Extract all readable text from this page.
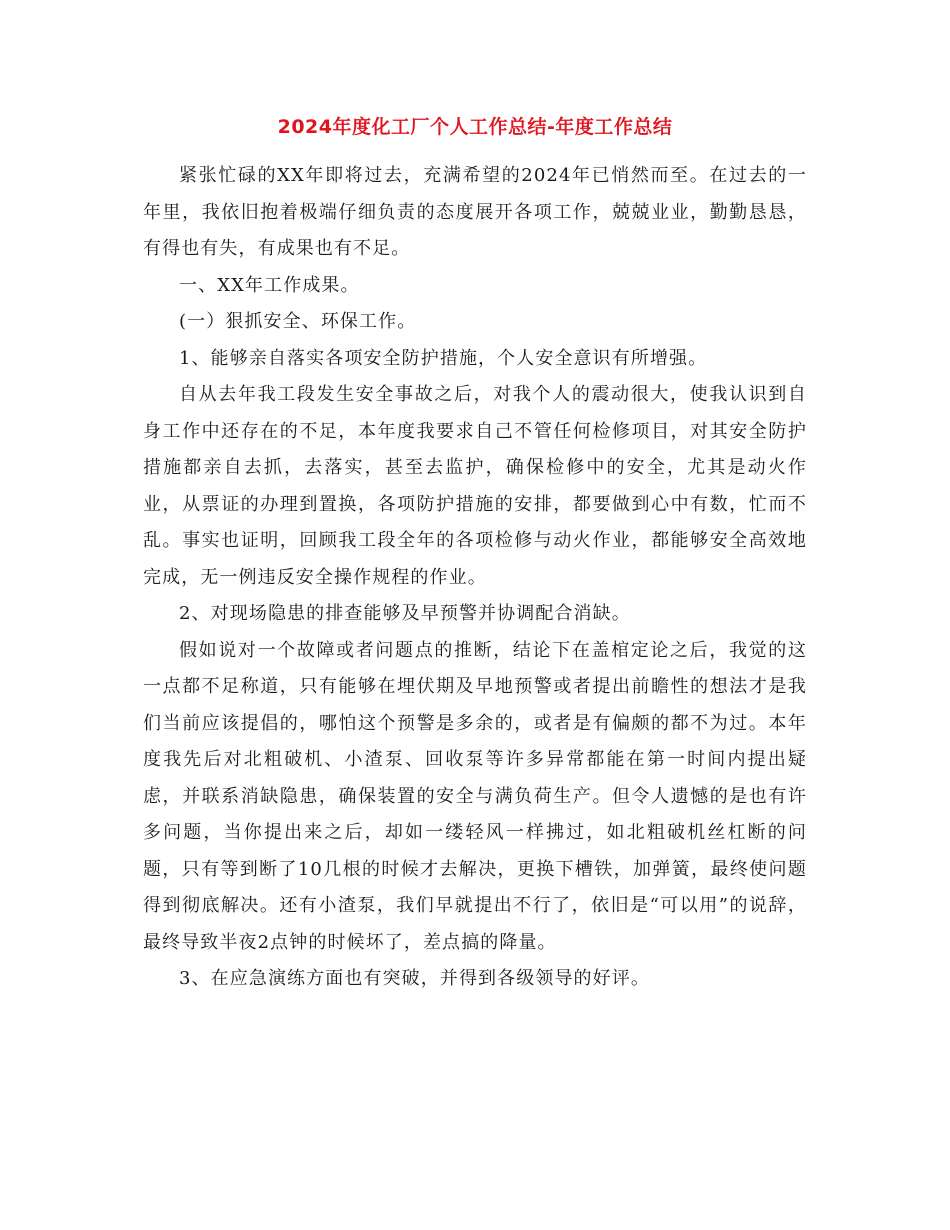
2024年度化工厂个人工作总结-年度工作总结

紧张忙碌的XX年即将过去，充满希望的2024年已悄然而至。在过去的一年里，我依旧抱着极端仔细负责的态度展开各项工作，兢兢业业，勤勤恳恳，有得也有失，有成果也有不足。

一、XX年工作成果。

(一）狠抓安全、环保工作。

1、能够亲自落实各项安全防护措施，个人安全意识有所增强。

自从去年我工段发生安全事故之后，对我个人的震动很大，使我认识到自身工作中还存在的不足，本年度我要求自己不管任何检修项目，对其安全防护措施都亲自去抓，去落实，甚至去监护，确保检修中的安全，尤其是动火作业，从票证的办理到置换，各项防护措施的安排，都要做到心中有数，忙而不乱。事实也证明，回顾我工段全年的各项检修与动火作业，都能够安全高效地完成，无一例违反安全操作规程的作业。

2、对现场隐患的排查能够及早预警并协调配合消缺。

假如说对一个故障或者问题点的推断，结论下在盖棺定论之后，我觉的这一点都不足称道，只有能够在埋伏期及早地预警或者提出前瞻性的想法才是我们当前应该提倡的，哪怕这个预警是多余的，或者是有偏颇的都不为过。本年度我先后对北粗破机、小渣泵、回收泵等许多异常都能在第一时间内提出疑虑，并联系消缺隐患，确保装置的安全与满负荷生产。但令人遗憾的是也有许多问题，当你提出来之后，却如一缕轻风一样拂过，如北粗破机丝杠断的问题，只有等到断了10几根的时候才去解决，更换下槽铁，加弹簧，最终使问题得到彻底解决。还有小渣泵，我们早就提出不行了，依旧是“可以用”的说辞，最终导致半夜2点钟的时候坏了，差点搞的降量。

3、在应急演练方面也有突破，并得到各级领导的好评。
